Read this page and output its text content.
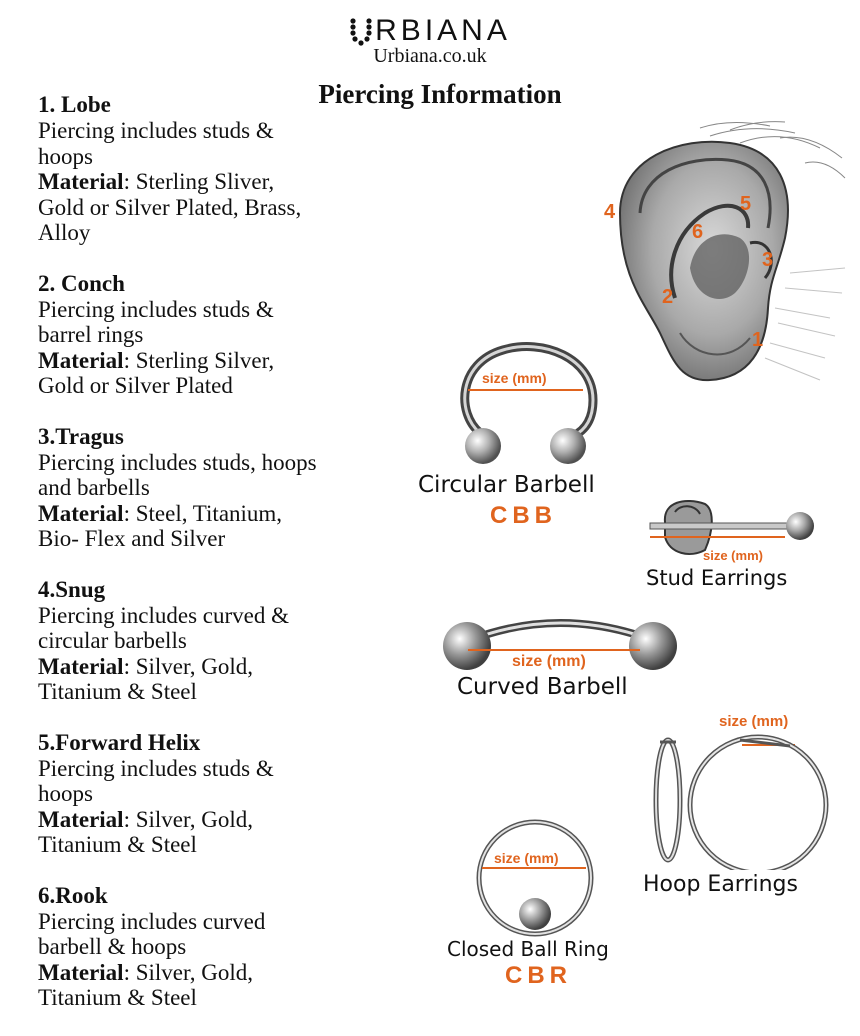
RBIANA
Urbiana.co.uk
Piercing Information
1. Lobe
Piercing includes studs &
hoops
Material: Sterling Sliver,
Gold or Silver Plated, Brass,
Alloy
2. Conch
Piercing includes studs &
barrel rings
Material: Sterling Silver,
Gold or Silver Plated
3.Tragus
Piercing includes studs, hoops
and barbells
Material: Steel, Titanium,
Bio- Flex and Silver
4.Snug
Piercing includes curved &
circular barbells
Material: Silver, Gold,
Titanium & Steel
5.Forward Helix
Piercing includes studs &
hoops
Material: Silver, Gold,
Titanium & Steel
6.Rook
Piercing includes curved
barbell & hoops
Material: Silver, Gold,
Titanium & Steel
1
2
3
4	5
6
size (mm)
Circular Barbell
CBB
size (mm)
Stud Earrings
size (mm)
Curved Barbell
size (mm)
Hoop Earrings
size (mm)
Closed Ball Ring
CBR
